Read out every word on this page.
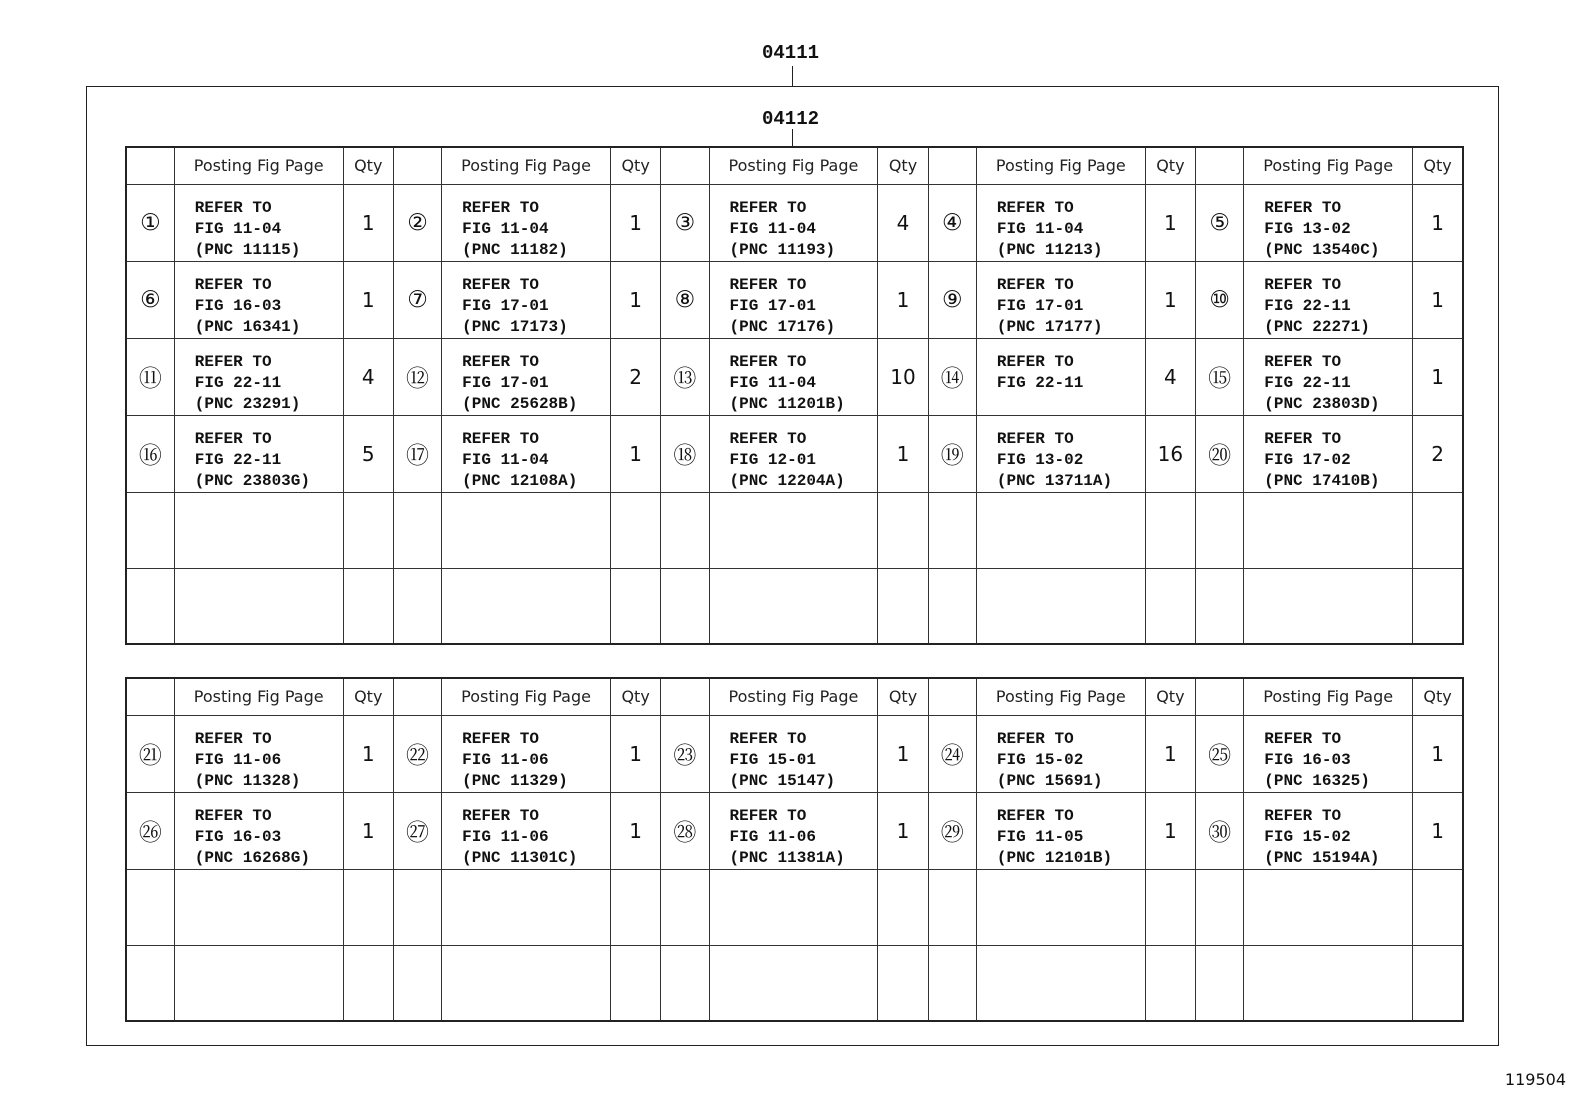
04111
04112
	Posting Fig Page	Qty		Posting Fig Page	Qty		Posting Fig Page	Qty		Posting Fig Page	Qty		Posting Fig Page	Qty
①	REFER TO
FIG 11-04
(PNC 11115)	1	②	REFER TO
FIG 11-04
(PNC 11182)	1	③	REFER TO
FIG 11-04
(PNC 11193)	4	④	REFER TO
FIG 11-04
(PNC 11213)	1	⑤	REFER TO
FIG 13-02
(PNC 13540C)	1
⑥	REFER TO
FIG 16-03
(PNC 16341)	1	⑦	REFER TO
FIG 17-01
(PNC 17173)	1	⑧	REFER TO
FIG 17-01
(PNC 17176)	1	⑨	REFER TO
FIG 17-01
(PNC 17177)	1	⑩	REFER TO
FIG 22-11
(PNC 22271)	1
⑪	REFER TO
FIG 22-11
(PNC 23291)	4	⑫	REFER TO
FIG 17-01
(PNC 25628B)	2	⑬	REFER TO
FIG 11-04
(PNC 11201B)	10	⑭	REFER TO
FIG 22-11	4	⑮	REFER TO
FIG 22-11
(PNC 23803D)	1
⑯	REFER TO
FIG 22-11
(PNC 23803G)	5	⑰	REFER TO
FIG 11-04
(PNC 12108A)	1	⑱	REFER TO
FIG 12-01
(PNC 12204A)	1	⑲	REFER TO
FIG 13-02
(PNC 13711A)	16	⑳	REFER TO
FIG 17-02
(PNC 17410B)	2

	Posting Fig Page	Qty		Posting Fig Page	Qty		Posting Fig Page	Qty		Posting Fig Page	Qty		Posting Fig Page	Qty
㉑	REFER TO
FIG 11-06
(PNC 11328)	1	㉒	REFER TO
FIG 11-06
(PNC 11329)	1	㉓	REFER TO
FIG 15-01
(PNC 15147)	1	㉔	REFER TO
FIG 15-02
(PNC 15691)	1	㉕	REFER TO
FIG 16-03
(PNC 16325)	1
㉖	REFER TO
FIG 16-03
(PNC 16268G)	1	㉗	REFER TO
FIG 11-06
(PNC 11301C)	1	㉘	REFER TO
FIG 11-06
(PNC 11381A)	1	㉙	REFER TO
FIG 11-05
(PNC 12101B)	1	㉚	REFER TO
FIG 15-02
(PNC 15194A)	1

119504
